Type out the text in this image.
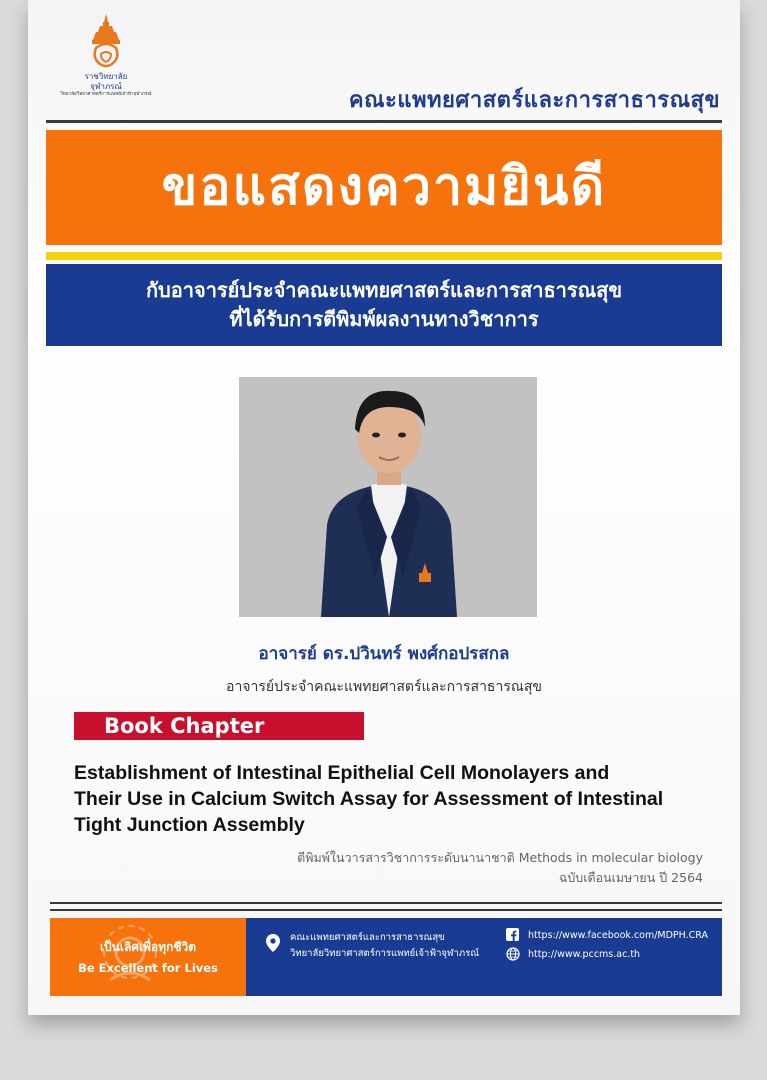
ราชวิทยาลัย
จุฬาภรณ์
วิทยาลัยวิทยาศาสตร์การแพทย์เจ้าฟ้าจุฬาภรณ์	คณะแพทยศาสตร์และการสาธารณสุข
ขอแสดงความยินดี
กับอาจารย์ประจำคณะแพทยศาสตร์และการสาธารณสุข
ที่ได้รับการตีพิมพ์ผลงานทางวิชาการ
อาจารย์ ดร.ปวินทร์ พงศ์กอปรสกล
อาจารย์ประจำคณะแพทยศาสตร์และการสาธารณสุข
Book Chapter
Establishment of Intestinal Epithelial Cell Monolayers and
Their Use in Calcium Switch Assay for Assessment of Intestinal
Tight Junction Assembly
ตีพิมพ์ในวารสารวิชาการระดับนานาชาติ Methods in molecular biology
ฉบับเดือนเมษายน ปี 2564
เป็นเลิศเพื่อทุกชีวิต
Be Excellent for Lives
คณะแพทยศาสตร์และการสาธารณสุข
วิทยาลัยวิทยาศาสตร์การแพทย์เจ้าฟ้าจุฬาภรณ์
https://www.facebook.com/MDPH.CRA
http://www.pccms.ac.th
